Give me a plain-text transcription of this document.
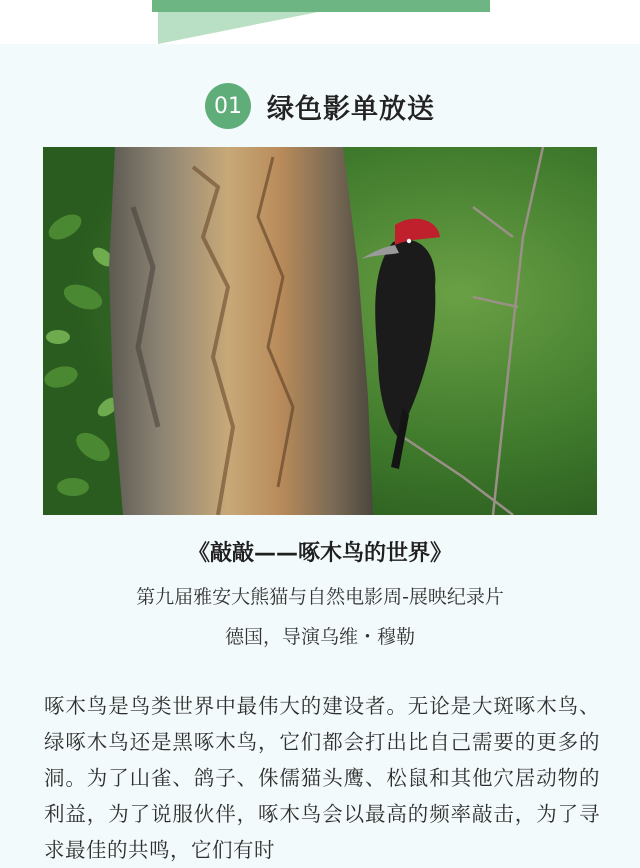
01 绿色影单放送
《敲敲——啄木鸟的世界》
第九届雅安大熊猫与自然电影周-展映纪录片
德国，导演乌维・穆勒
啄木鸟是鸟类世界中最伟大的建设者。无论是大斑啄木鸟、绿啄木鸟还是黑啄木鸟，它们都会打出比自己需要的更多的洞。为了山雀、鸽子、侏儒猫头鹰、松鼠和其他穴居动物的利益，为了说服伙伴，啄木鸟会以最高的频率敲击，为了寻求最佳的共鸣，它们有时
